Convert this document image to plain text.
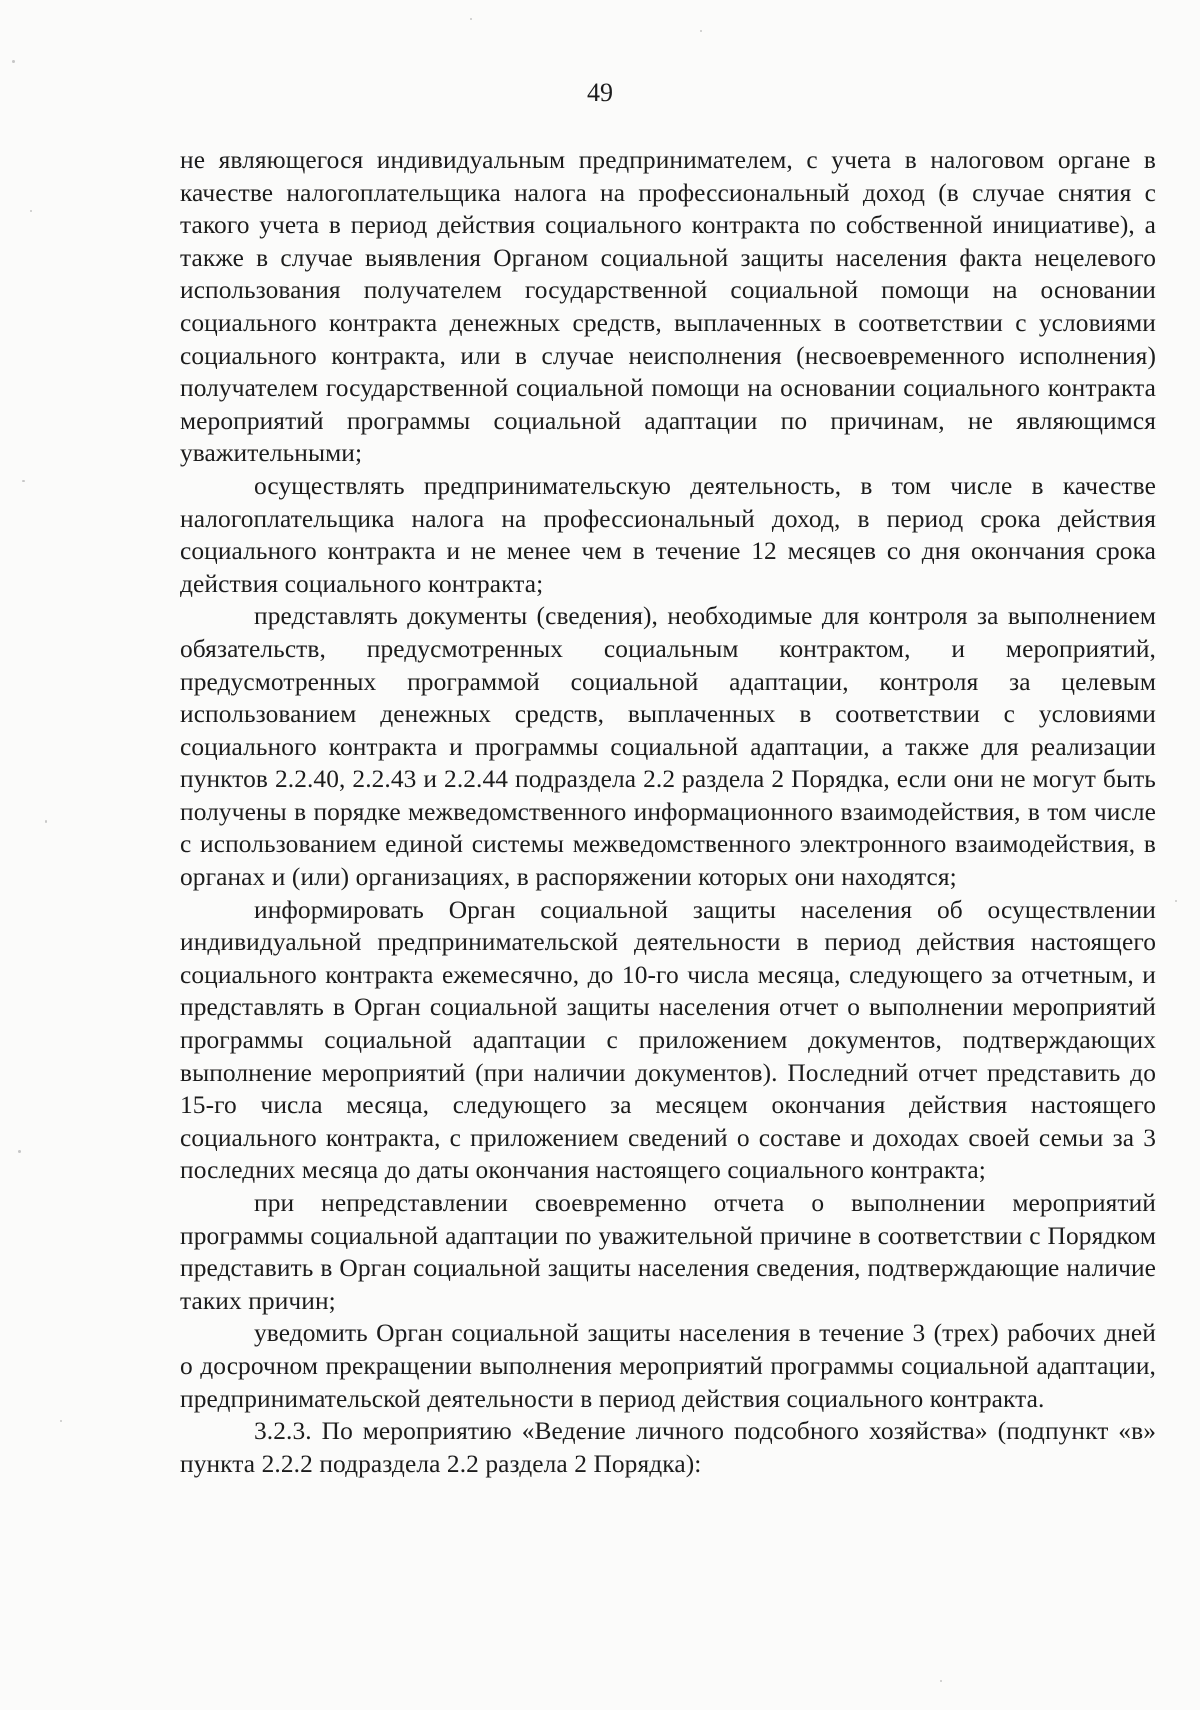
49

не являющегося индивидуальным предпринимателем, с учета в налоговом органе в качестве налогоплательщика налога на профессиональный доход (в случае снятия с такого учета в период действия социального контракта по собственной инициативе), а также в случае выявления Органом социальной защиты населения факта нецелевого использования получателем государственной социальной помощи на основании социального контракта денежных средств, выплаченных в соответствии с условиями социального контракта, или в случае неисполнения (несвоевременного исполнения) получателем государственной социальной помощи на основании социального контракта мероприятий программы социальной адаптации по причинам, не являющимся уважительными;

осуществлять предпринимательскую деятельность, в том числе в качестве налогоплательщика налога на профессиональный доход, в период срока действия социального контракта и не менее чем в течение 12 месяцев со дня окончания срока действия социального контракта;

представлять документы (сведения), необходимые для контроля за выполнением обязательств, предусмотренных социальным контрактом, и мероприятий, предусмотренных программой социальной адаптации, контроля за целевым использованием денежных средств, выплаченных в соответствии с условиями социального контракта и программы социальной адаптации, а также для реализации пунктов 2.2.40, 2.2.43 и 2.2.44 подраздела 2.2 раздела 2 Порядка, если они не могут быть получены в порядке межведомственного информационного взаимодействия, в том числе с использованием единой системы межведомственного электронного взаимодействия, в органах и (или) организациях, в распоряжении которых они находятся;

информировать Орган социальной защиты населения об осуществлении индивидуальной предпринимательской деятельности в период действия настоящего социального контракта ежемесячно, до 10-го числа месяца, следующего за отчетным, и представлять в Орган социальной защиты населения отчет о выполнении мероприятий программы социальной адаптации с приложением документов, подтверждающих выполнение мероприятий (при наличии документов). Последний отчет представить до 15-го числа месяца, следующего за месяцем окончания действия настоящего социального контракта, с приложением сведений о составе и доходах своей семьи за 3 последних месяца до даты окончания настоящего социального контракта;

при непредставлении своевременно отчета о выполнении мероприятий программы социальной адаптации по уважительной причине в соответствии с Порядком представить в Орган социальной защиты населения сведения, подтверждающие наличие таких причин;

уведомить Орган социальной защиты населения в течение 3 (трех) рабочих дней о досрочном прекращении выполнения мероприятий программы социальной адаптации, предпринимательской деятельности в период действия социального контракта.

3.2.3. По мероприятию «Ведение личного подсобного хозяйства» (подпункт «в» пункта 2.2.2 подраздела 2.2 раздела 2 Порядка):
